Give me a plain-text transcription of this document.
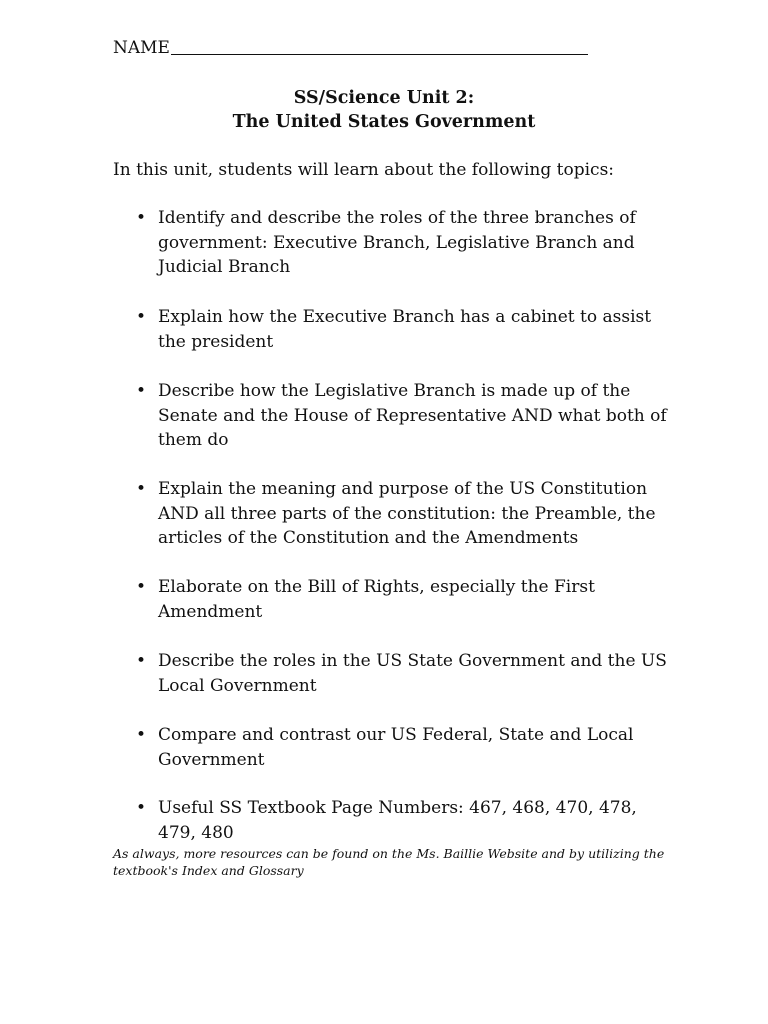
NAME
SS/Science Unit 2:
The United States Government
In this unit, students will learn about the following topics:
• Identify and describe the roles of the three branches of government: Executive Branch, Legislative Branch and Judicial Branch
• Explain how the Executive Branch has a cabinet to assist the president
• Describe how the Legislative Branch is made up of the Senate and the House of Representative AND what both of them do
• Explain the meaning and purpose of the US Constitution AND all three parts of the constitution: the Preamble, the articles of the Constitution and the Amendments
• Elaborate on the Bill of Rights, especially the First Amendment
• Describe the roles in the US State Government and the US Local Government
• Compare and contrast our US Federal, State and Local Government
• Useful SS Textbook Page Numbers: 467, 468, 470, 478, 479, 480
As always, more resources can be found on the Ms. Baillie Website and by utilizing the textbook's Index and Glossary
